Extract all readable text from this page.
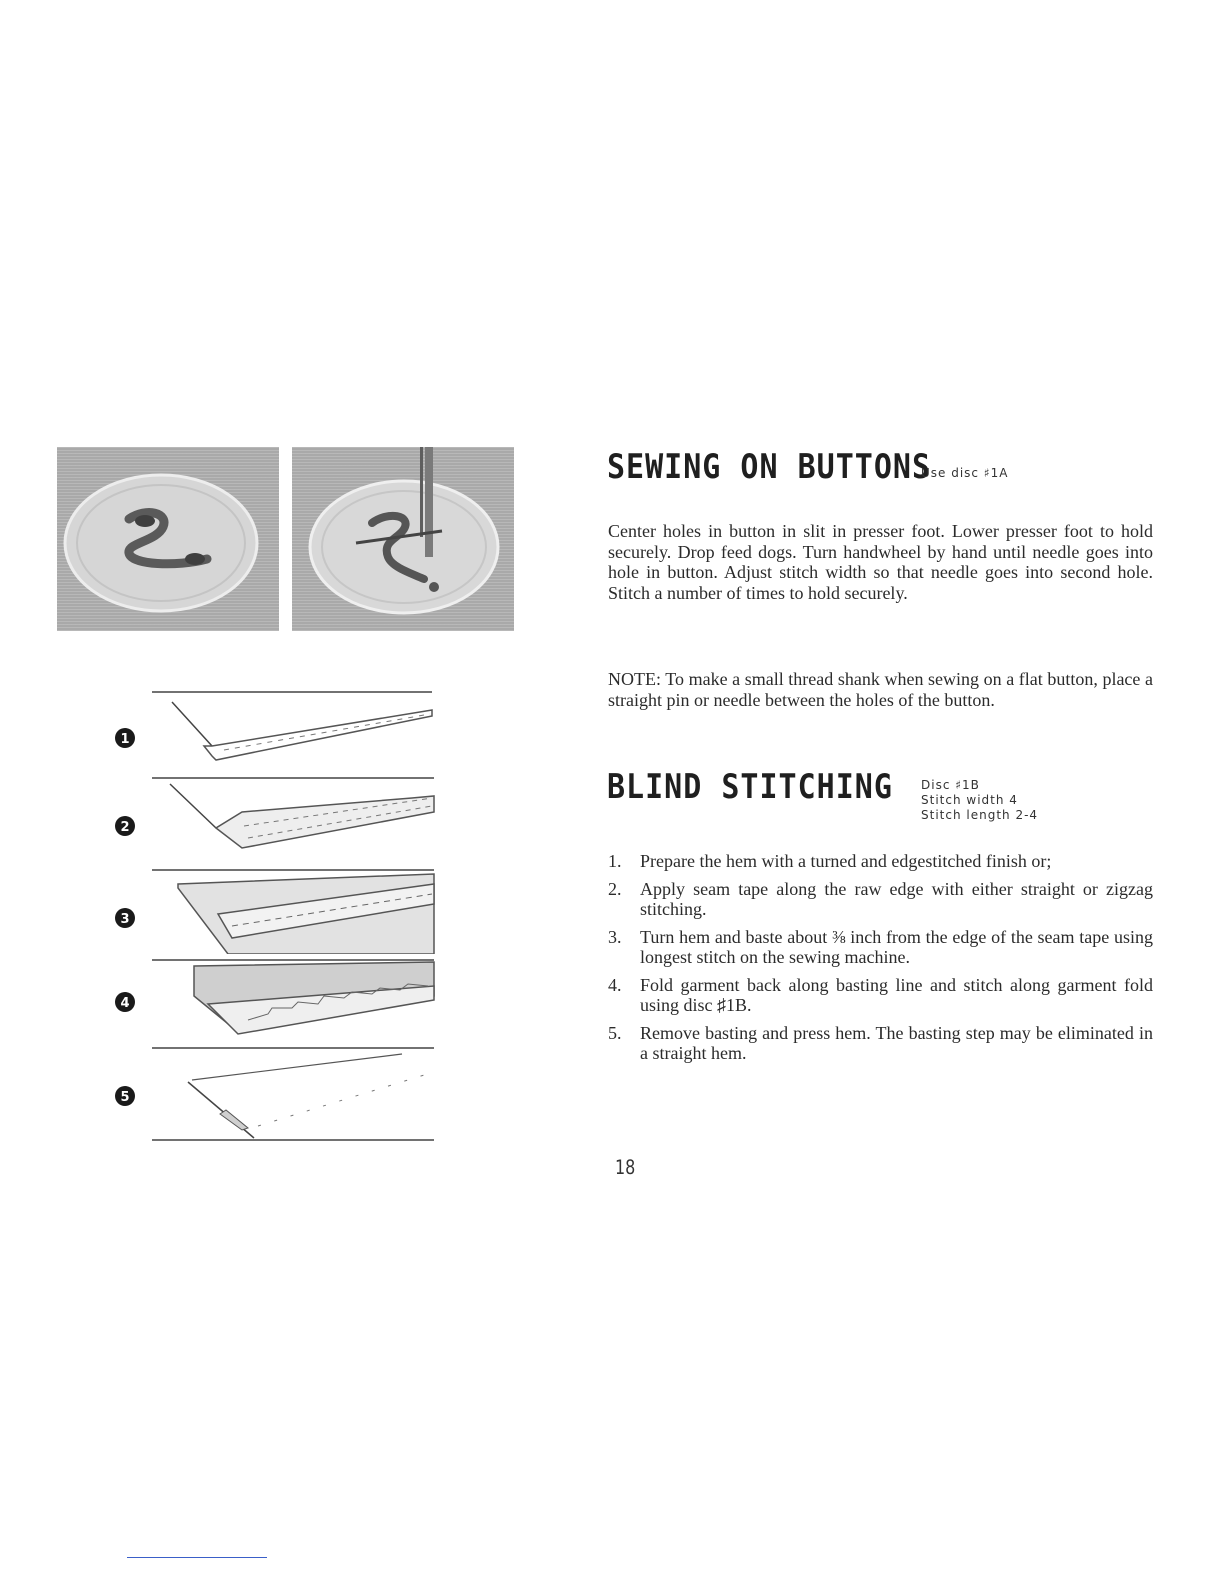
1
2
3
4
5
SEWING ON BUTTONS
Use disc ♯1A

Center holes in button in slit in presser foot. Lower presser foot to hold securely. Drop feed dogs. Turn handwheel by hand until needle goes into hole in button. Adjust stitch width so that needle goes into second hole. Stitch a number of times to hold securely.

NOTE: To make a small thread shank when sewing on a flat button, place a straight pin or needle between the holes of the button.

BLIND STITCHING Disc ♯1B
Stitch width 4
Stitch length 2-4
1.	Prepare the hem with a turned and edgestitched finish or;
2.	Apply seam tape along the raw edge with either straight or zigzag stitching.
3.	Turn hem and baste about ⅜ inch from the edge of the seam tape using longest stitch on the sewing machine.
4.	Fold garment back along basting line and stitch along garment fold using disc ♯1B.
5.	Remove basting and press hem. The basting step may be eliminated in a straight hem.
18
